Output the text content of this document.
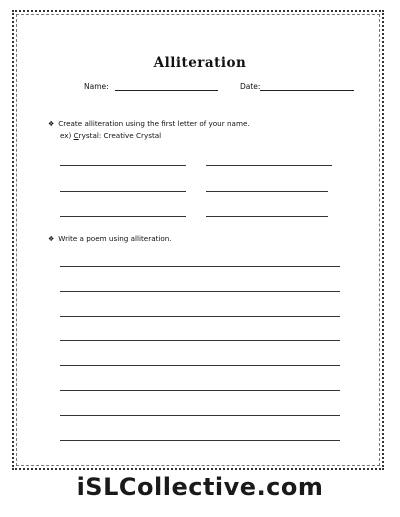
Alliteration
Name:	Date:
❖ Create alliteration using the first letter of your name.
ex) Crystal: Creative Crystal
❖ Write a poem using alliteration.
iSLCollective.com
